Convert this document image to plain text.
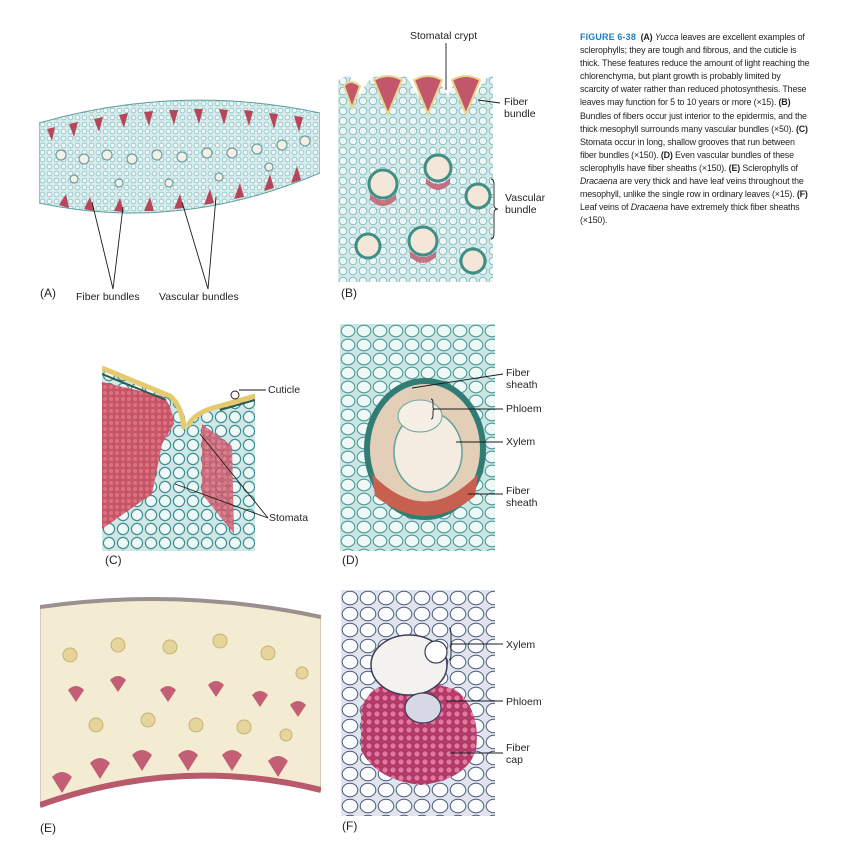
(A)	(B)
(C)	(D)
(E)	(F)
Fiber bundles Vascular bundles
Stomatal crypt
Fiber
bundle
Vascular
bundle
Cuticle
Stomata
Fiber
sheath
Phloem
Xylem
Fiber
sheath
Xylem
Phloem
Fiber
cap
FIGURE 6-38 (A) Yucca leaves are excellent examples of sclerophylls; they are tough and fibrous, and the cuticle is thick. These features reduce the amount of light reaching the chlorenchyma, but plant growth is probably limited by scarcity of water rather than reduced photosynthesis. These leaves may function for 5 to 10 years or more (×15). (B) Bundles of fibers occur just interior to the epidermis, and the thick mesophyll surrounds many vascular bundles (×50). (C) Stomata occur in long, shallow grooves that run between fiber bundles (×150). (D) Even vascular bundles of these sclerophylls have fiber sheaths (×150). (E) Sclerophylls of Dracaena are very thick and have leaf veins throughout the mesophyll, unlike the single row in ordinary leaves (×15). (F) Leaf veins of Dracaena have extremely thick fiber sheaths (×150).
